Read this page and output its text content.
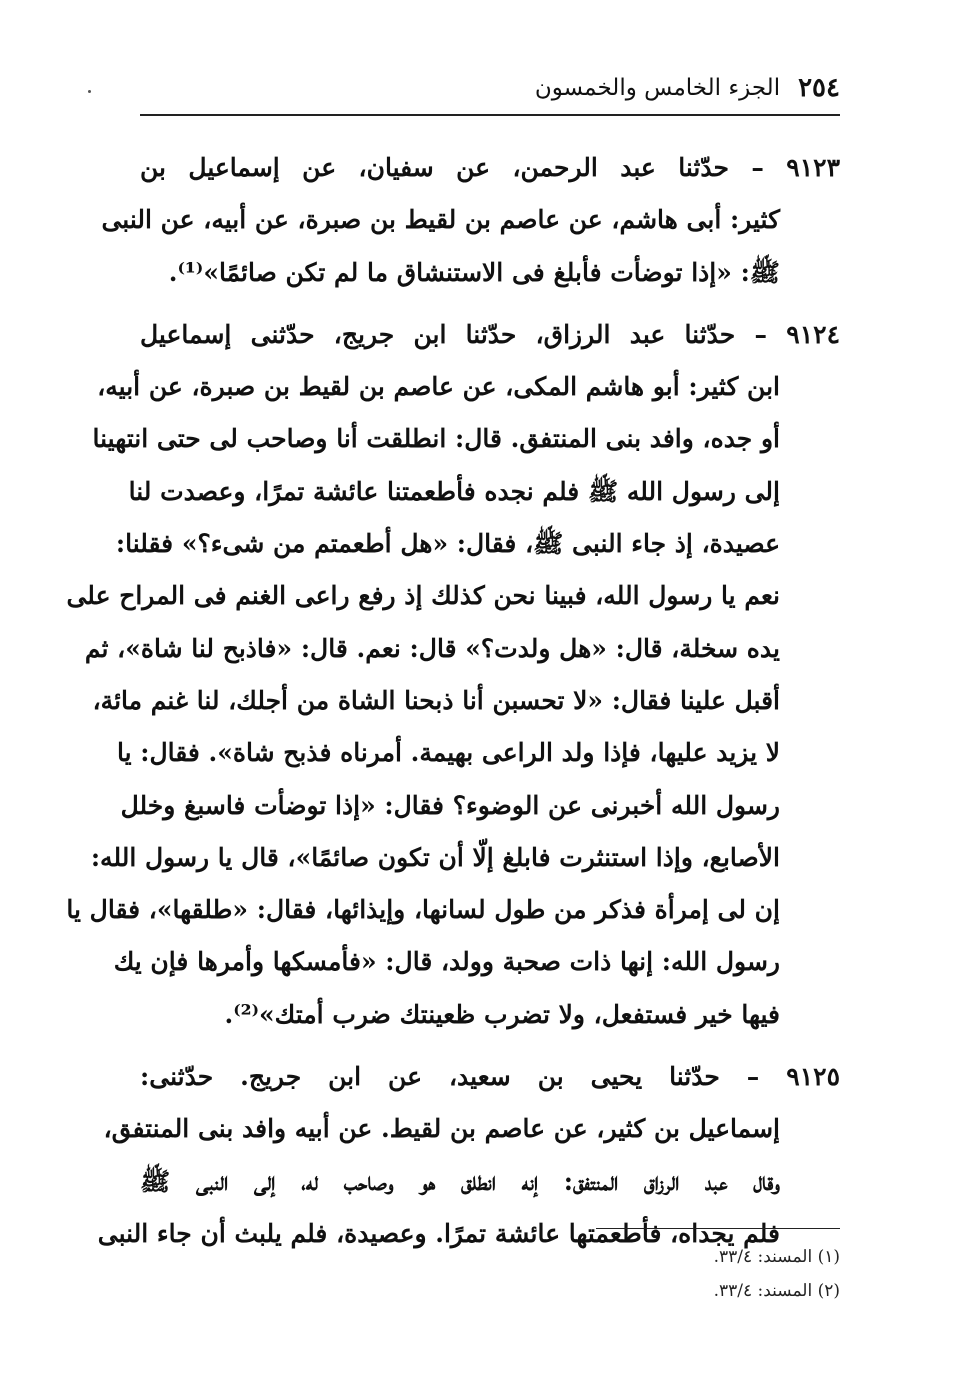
٢٥٤
الجزء الخامس والخمسون
٩١٢٣ – حدّثنا عبد الرحمن، عن سفيان، عن إسماعيل بن
كثير: أبى هاشم، عن عاصم بن لقيط بن صبرة، عن أبيه، عن النبى
ﷺ: «إذا توضأت فأبلغ فى الاستنشاق ما لم تكن صائمًا»⁽¹⁾.
٩١٢٤ – حدّثنا عبد الرزاق، حدّثنا ابن جريج، حدّثنى إسماعيل
ابن كثير: أبو هاشم المكى، عن عاصم بن لقيط بن صبرة، عن أبيه،
أو جده، وافد بنى المنتفق. قال: انطلقت أنا وصاحب لى حتى انتهينا
إلى رسول الله ﷺ فلم نجده فأطعمتنا عائشة تمرًا، وعصدت لنا
عصيدة، إذ جاء النبى ﷺ، فقال: «هل أطعمتم من شىء؟» فقلنا:
نعم يا رسول الله، فبينا نحن كذلك إذ رفع راعى الغنم فى المراح على
يده سخلة، قال: «هل ولدت؟» قال: نعم. قال: «فاذبح لنا شاة»، ثم
أقبل علينا فقال: «لا تحسبن أنا ذبحنا الشاة من أجلك، لنا غنم مائة،
لا يزيد عليها، فإذا ولد الراعى بهيمة. أمرناه فذبح شاة». فقال: يا
رسول الله أخبرنى عن الوضوء؟ فقال: «إذا توضأت فاسبغ وخلل
الأصابع، وإذا استنثرت فابلغ إلّا أن تكون صائمًا»، قال يا رسول الله:
إن لى إمرأة فذكر من طول لسانها، وإيذائها، فقال: «طلقها»، فقال يا
رسول الله: إنها ذات صحبة وولد، قال: «فأمسكها وأمرها فإن يك
فيها خير فستفعل، ولا تضرب ظعينتك ضرب أمتك»⁽²⁾.
٩١٢٥ – حدّثنا يحيى بن سعيد، عن ابن جريج. حدّثنى:
إسماعيل بن كثير، عن عاصم بن لقيط. عن أبيه وافد بنى المنتفق،
وقال عبد الرزاق المنتفق: إنه انطلق هو وصاحب له، إلى النبى ﷺ
فلم يجداه، فأطعمتها عائشة تمرًا. وعصيدة، فلم يلبث أن جاء النبى
(١) المسند: ٣٣/٤.
(٢) المسند: ٣٣/٤.
